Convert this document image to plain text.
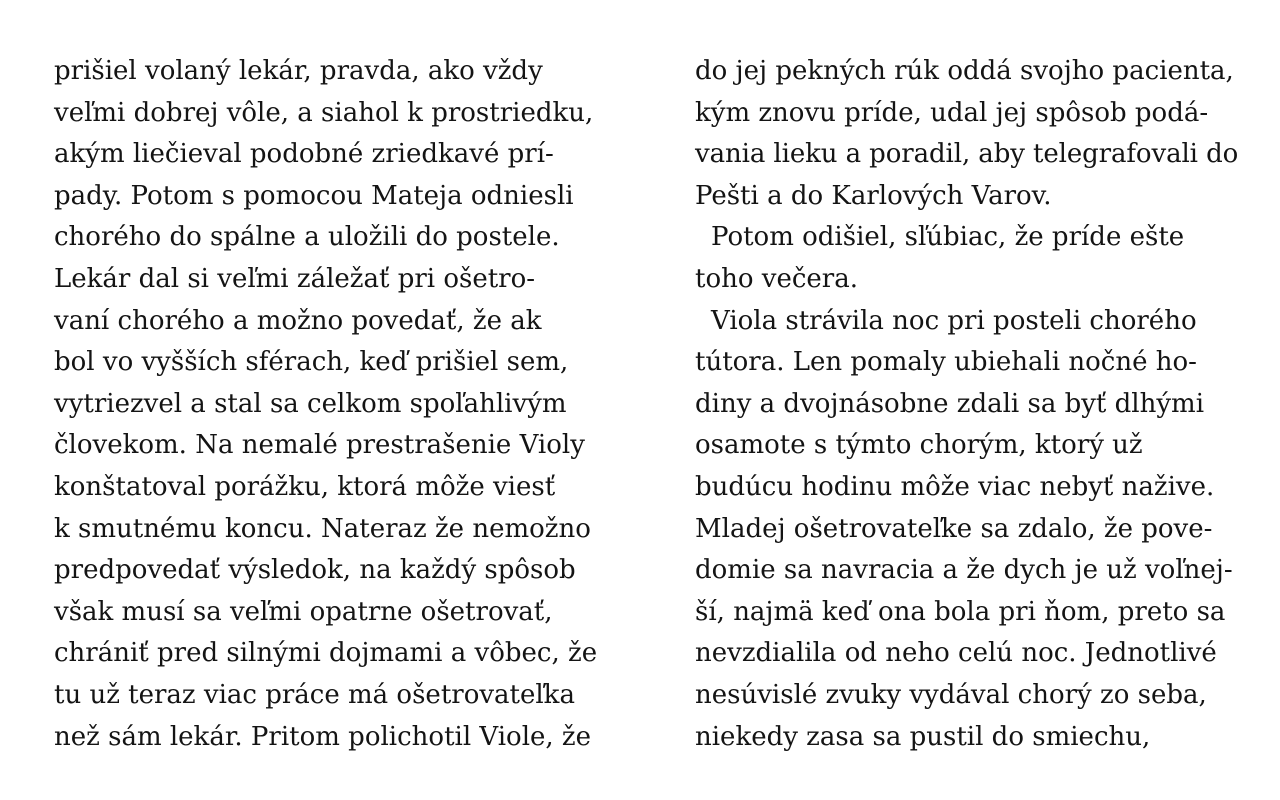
prišiel volaný lekár, pravda, ako vždy
veľmi dobrej vôle, a siahol k prostriedku,
akým liečieval podobné zriedkavé prí-
pady. Potom s pomocou Mateja odniesli
chorého do spálne a uložili do postele.
Lekár dal si veľmi záležať pri ošetro-
vaní chorého a možno povedať, že ak
bol vo vyšších sférach, keď prišiel sem,
vytriezvel a stal sa celkom spoľahlivým
človekom. Na nemalé prestrašenie Violy
konštatoval porážku, ktorá môže viesť
k smutnému koncu. Nateraz že nemožno
predpovedať výsledok, na každý spôsob
však musí sa veľmi opatrne ošetrovať,
chrániť pred silnými dojmami a vôbec, že
tu už teraz viac práce má ošetrovateľka
než sám lekár. Pritom polichotil Viole, že
do jej pekných rúk oddá svojho pacienta,
kým znovu príde, udal jej spôsob podá-
vania lieku a poradil, aby telegrafovali do
Pešti a do Karlových Varov.
Potom odišiel, sľúbiac, že príde ešte
toho večera.
Viola strávila noc pri posteli chorého
tútora. Len pomaly ubiehali nočné ho-
diny a dvojnásobne zdali sa byť dlhými
osamote s týmto chorým, ktorý už
budúcu hodinu môže viac nebyť nažive.
Mladej ošetrovateľke sa zdalo, že pove-
domie sa navracia a že dych je už voľnej-
ší, najmä keď ona bola pri ňom, preto sa
nevzdialila od neho celú noc. Jednotlivé
nesúvislé zvuky vydával chorý zo seba,
niekedy zasa sa pustil do smiechu,
